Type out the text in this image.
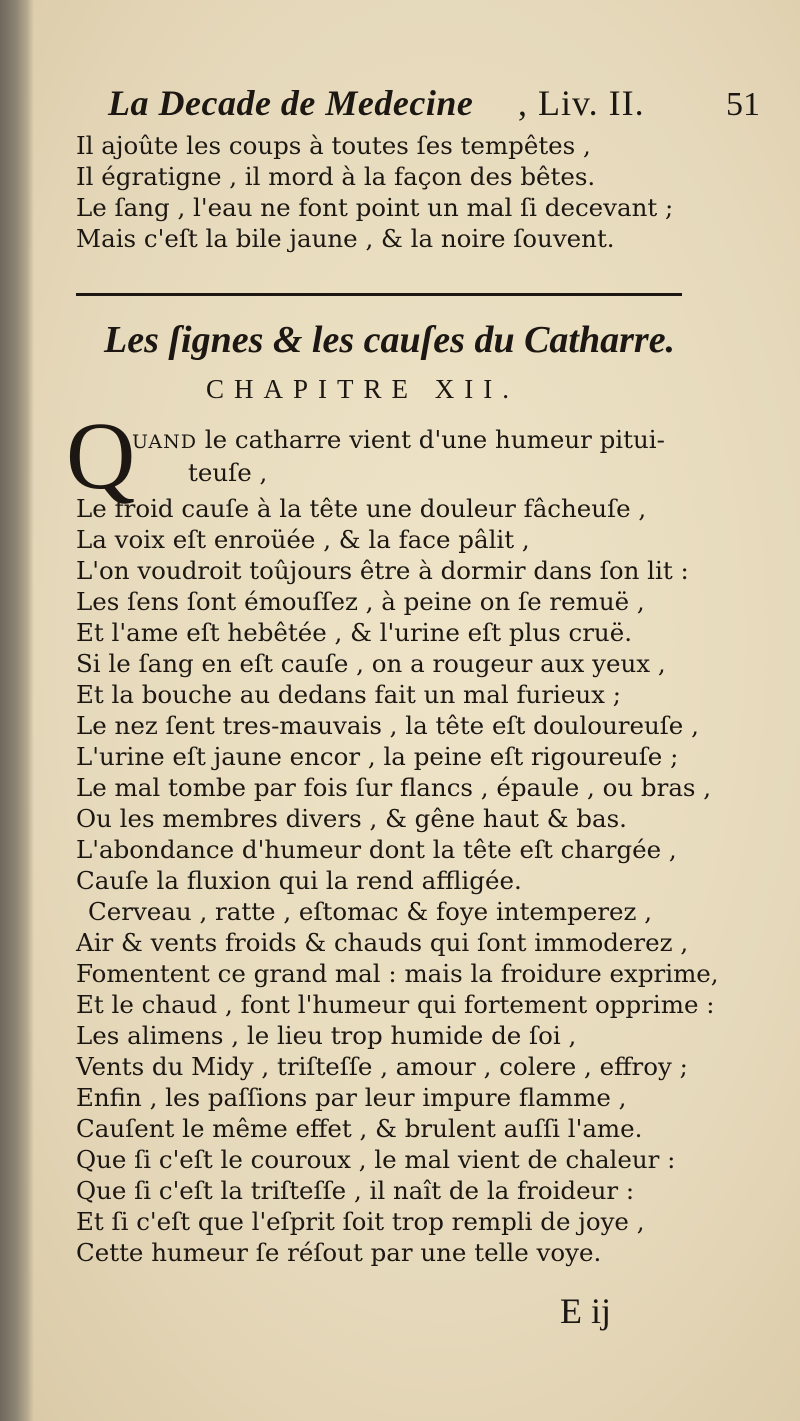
La Decade de Medecine , Liv. II. 51
Il ajoûte les coups à toutes ſes tempêtes ,
Il égratigne , il mord à la façon des bêtes.
Le ſang , l'eau ne font point un mal ſi decevant ;
Mais c'eſt la bile jaune , & la noire ſouvent.
Les ſignes & les cauſes du Catharre.
CHAPITRE XII.
Q
UAND le catharre vient d'une humeur pitui-
teuſe ,
Le froid cauſe à la tête une douleur fâcheuſe ,
La voix eſt enroüée , & la face pâlit ,
L'on voudroit toûjours être à dormir dans ſon lit :
Les ſens ſont émouſſez , à peine on ſe remuë ,
Et l'ame eſt hebêtée , & l'urine eſt plus cruë.
Si le ſang en eſt cauſe , on a rougeur aux yeux ,
Et la bouche au dedans fait un mal furieux ;
Le nez ſent tres-mauvais , la tête eſt douloureuſe ,
L'urine eſt jaune encor , la peine eſt rigoureuſe ;
Le mal tombe par fois ſur flancs , épaule , ou bras ,
Ou les membres divers , & gêne haut & bas.
L'abondance d'humeur dont la tête eſt chargée ,
Cauſe la fluxion qui la rend affligée.
Cerveau , ratte , eſtomac & foye intemperez ,
Air & vents froids & chauds qui ſont immoderez ,
Fomentent ce grand mal : mais la froidure exprime,
Et le chaud , font l'humeur qui fortement opprime :
Les alimens , le lieu trop humide de ſoi ,
Vents du Midy , triſteſſe , amour , colere , effroy ;
Enfin , les paſſions par leur impure flamme ,
Cauſent le même effet , & brulent auſſi l'ame.
Que ſi c'eſt le couroux , le mal vient de chaleur :
Que ſi c'eſt la triſteſſe , il naît de la froideur :
Et ſi c'eſt que l'eſprit ſoit trop rempli de joye ,
Cette humeur ſe réſout par une telle voye.
E ij
